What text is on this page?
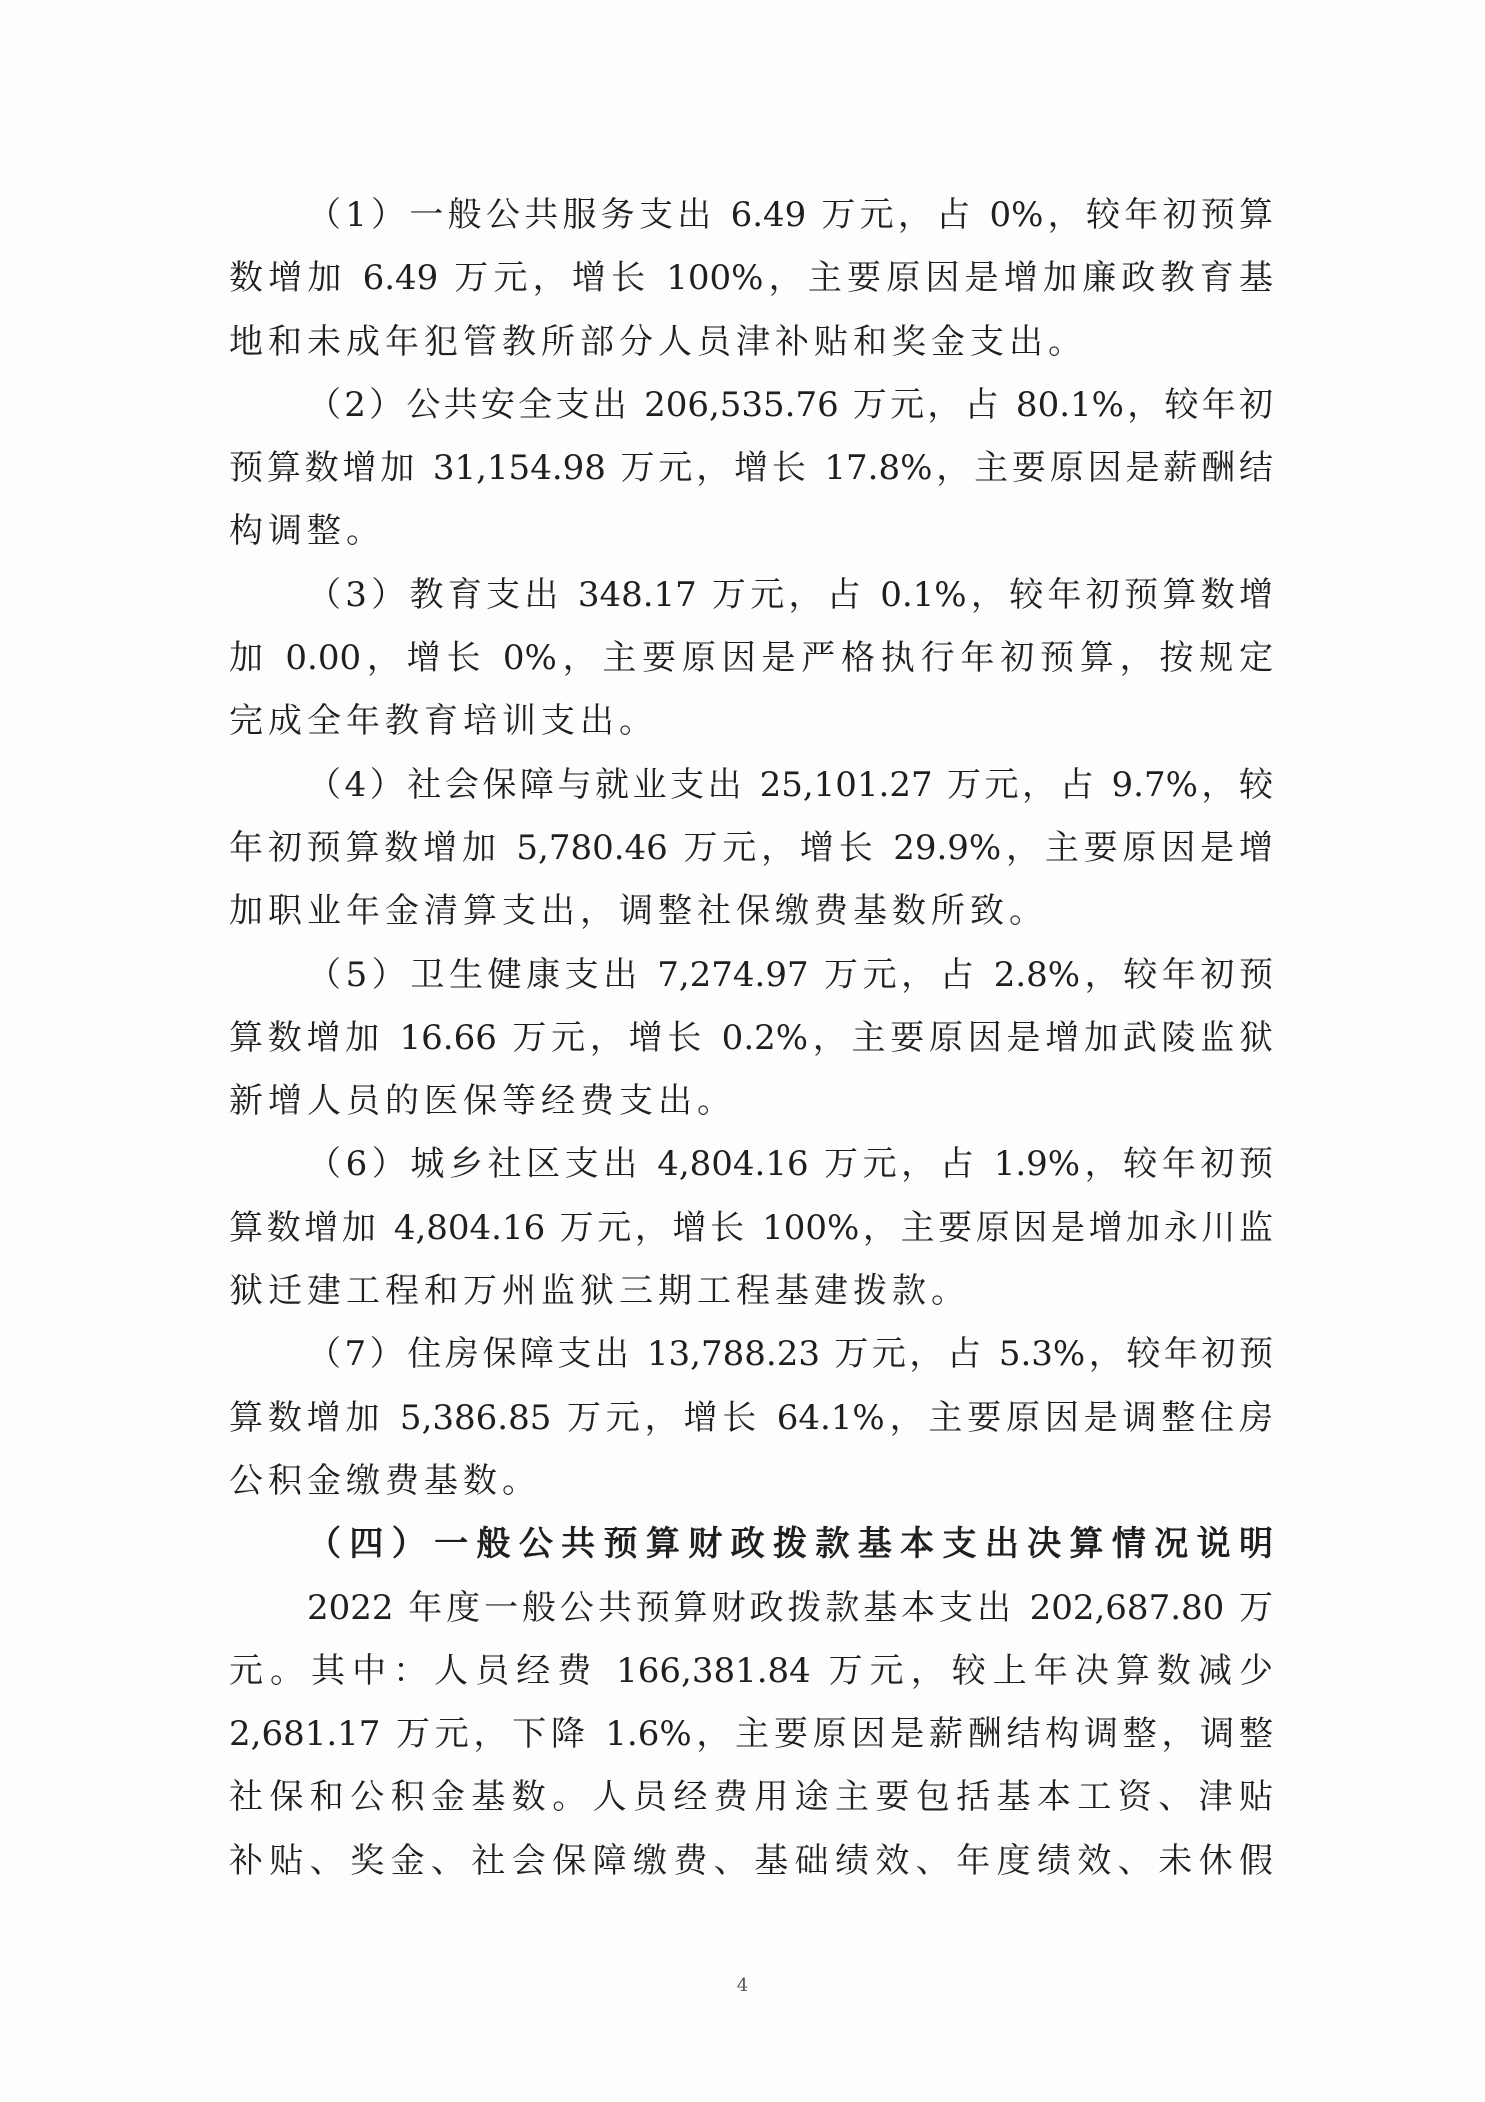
（1）一般公共服务支出 6.49 万元，占 0%，较年初预算
数增加 6.49 万元，增长 100%，主要原因是增加廉政教育基
地和未成年犯管教所部分人员津补贴和奖金支出。
（2）公共安全支出 206,535.76 万元，占 80.1%，较年初
预算数增加 31,154.98 万元，增长 17.8%，主要原因是薪酬结
构调整。
（3）教育支出 348.17 万元，占 0.1%，较年初预算数增
加 0.00，增长 0%，主要原因是严格执行年初预算，按规定
完成全年教育培训支出。
（4）社会保障与就业支出 25,101.27 万元，占 9.7%，较
年初预算数增加 5,780.46 万元，增长 29.9%，主要原因是增
加职业年金清算支出，调整社保缴费基数所致。
（5）卫生健康支出 7,274.97 万元，占 2.8%，较年初预
算数增加 16.66 万元，增长 0.2%，主要原因是增加武陵监狱
新增人员的医保等经费支出。
（6）城乡社区支出 4,804.16 万元，占 1.9%，较年初预
算数增加 4,804.16 万元，增长 100%，主要原因是增加永川监
狱迁建工程和万州监狱三期工程基建拨款。
（7）住房保障支出 13,788.23 万元，占 5.3%，较年初预
算数增加 5,386.85 万元，增长 64.1%，主要原因是调整住房
公积金缴费基数。
（四）一般公共预算财政拨款基本支出决算情况说明
2022 年度一般公共预算财政拨款基本支出 202,687.80 万
元。其中：人员经费 166,381.84 万元，较上年决算数减少
2,681.17 万元，下降 1.6%，主要原因是薪酬结构调整，调整
社保和公积金基数。人员经费用途主要包括基本工资、津贴
补贴、奖金、社会保障缴费、基础绩效、年度绩效、未休假
4
